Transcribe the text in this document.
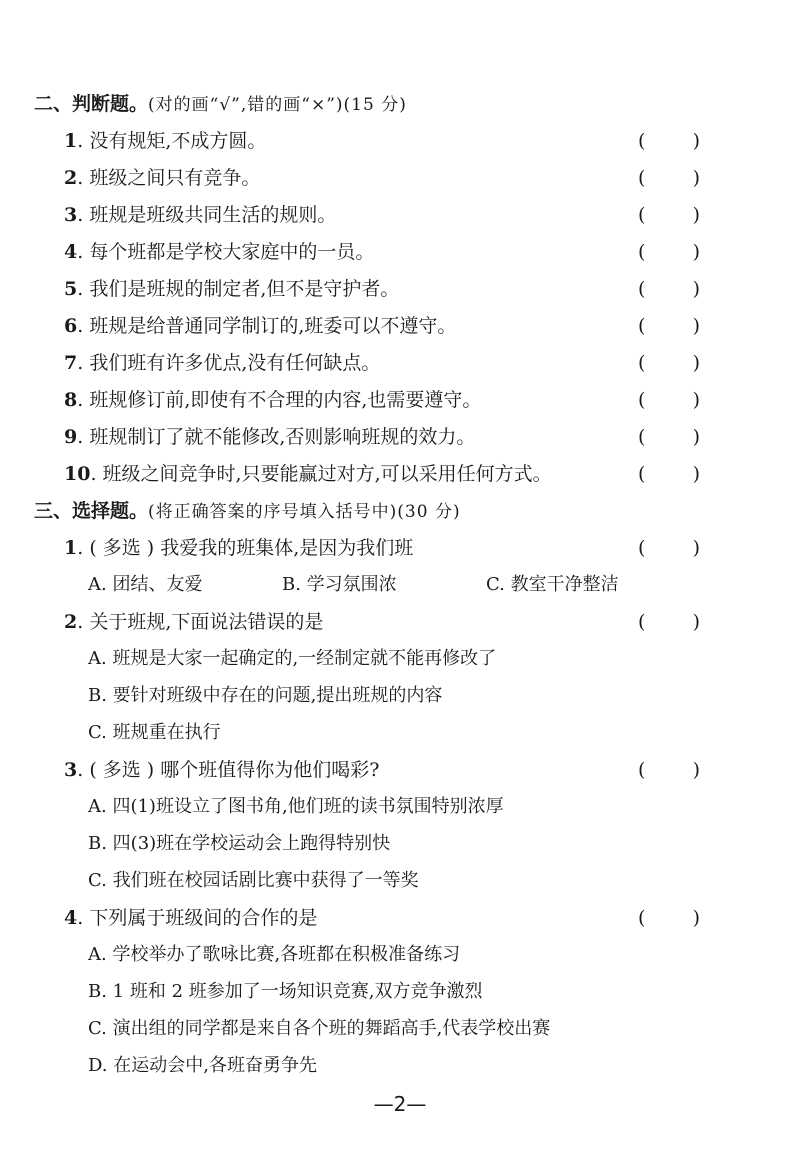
二、判断题。(对的画“√”,错的画“×”)(15 分)
1. 没有规矩,不成方圆。	( )
2. 班级之间只有竞争。	( )
3. 班规是班级共同生活的规则。	( )
4. 每个班都是学校大家庭中的一员。	( )
5. 我们是班规的制定者,但不是守护者。	( )
6. 班规是给普通同学制订的,班委可以不遵守。	( )
7. 我们班有许多优点,没有任何缺点。	( )
8. 班规修订前,即使有不合理的内容,也需要遵守。	( )
9. 班规制订了就不能修改,否则影响班规的效力。	( )
10. 班级之间竞争时,只要能赢过对方,可以采用任何方式。	( )
三、选择题。(将正确答案的序号填入括号中)(30 分)
1. ( 多选 ) 我爱我的班集体,是因为我们班	( )
A. 团结、友爱	B. 学习氛围浓	C. 教室干净整洁
2. 关于班规,下面说法错误的是	( )
A. 班规是大家一起确定的,一经制定就不能再修改了
B. 要针对班级中存在的问题,提出班规的内容
C. 班规重在执行
3. ( 多选 ) 哪个班值得你为他们喝彩?	( )
A. 四(1)班设立了图书角,他们班的读书氛围特别浓厚
B. 四(3)班在学校运动会上跑得特别快
C. 我们班在校园话剧比赛中获得了一等奖
4. 下列属于班级间的合作的是	( )
A. 学校举办了歌咏比赛,各班都在积极准备练习
B. 1 班和 2 班参加了一场知识竞赛,双方竞争激烈
C. 演出组的同学都是来自各个班的舞蹈高手,代表学校出赛
D. 在运动会中,各班奋勇争先
—2—
